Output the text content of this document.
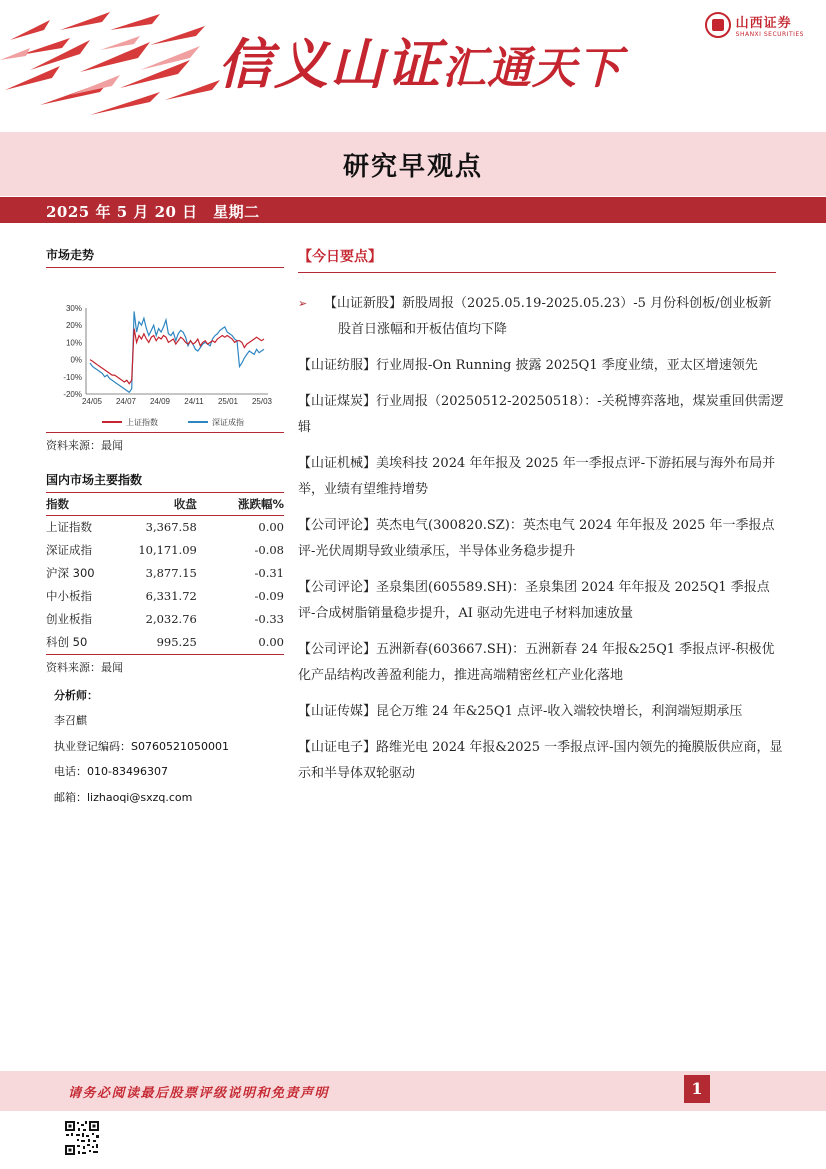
信义山证汇通天下
山西证券
SHANXI SECURITIES
研究早观点
2025 年 5 月 20 日　星期二
市场走势
30%
20%
10%
0%
-10%
-20%
24/05 24/07 24/09 24/11 25/01 25/03
上证指数	深证成指
资料来源：最闻
国内市场主要指数
指数	收盘	涨跌幅%
上证指数	3,367.58	0.00
深证成指	10,171.09	-0.08
沪深 300	3,877.15	-0.31
中小板指	6,331.72	-0.09
创业板指	2,032.76	-0.33
科创 50	995.25	0.00
资料来源：最闻
分析师：
李召麒
执业登记编码：S0760521050001
电话：010-83496307
邮箱：lizhaoqi@sxzq.com
【今日要点】
➢ 【山证新股】新股周报（2025.05.19-2025.05.23）-5 月份科创板/创业板新股首日涨幅和开板估值均下降
【山证纺服】行业周报-On Running 披露 2025Q1 季度业绩，亚太区增速领先
【山证煤炭】行业周报（20250512-20250518）：-关税博弈落地，煤炭重回供需逻辑
【山证机械】美埃科技 2024 年年报及 2025 年一季报点评-下游拓展与海外布局并举，业绩有望维持增势
【公司评论】英杰电气(300820.SZ)：英杰电气 2024 年年报及 2025 年一季报点评-光伏周期导致业绩承压，半导体业务稳步提升
【公司评论】圣泉集团(605589.SH)：圣泉集团 2024 年年报及 2025Q1 季报点评-合成树脂销量稳步提升，AI 驱动先进电子材料加速放量
【公司评论】五洲新春(603667.SH)：五洲新春 24 年报&25Q1 季报点评-积极优化产品结构改善盈利能力，推进高端精密丝杠产业化落地
【山证传媒】昆仑万维 24 年&25Q1 点评-收入端较快增长，利润端短期承压
【山证电子】路维光电 2024 年报&2025 一季报点评-国内领先的掩膜版供应商，显示和半导体双轮驱动
请务必阅读最后股票评级说明和免责声明	1
